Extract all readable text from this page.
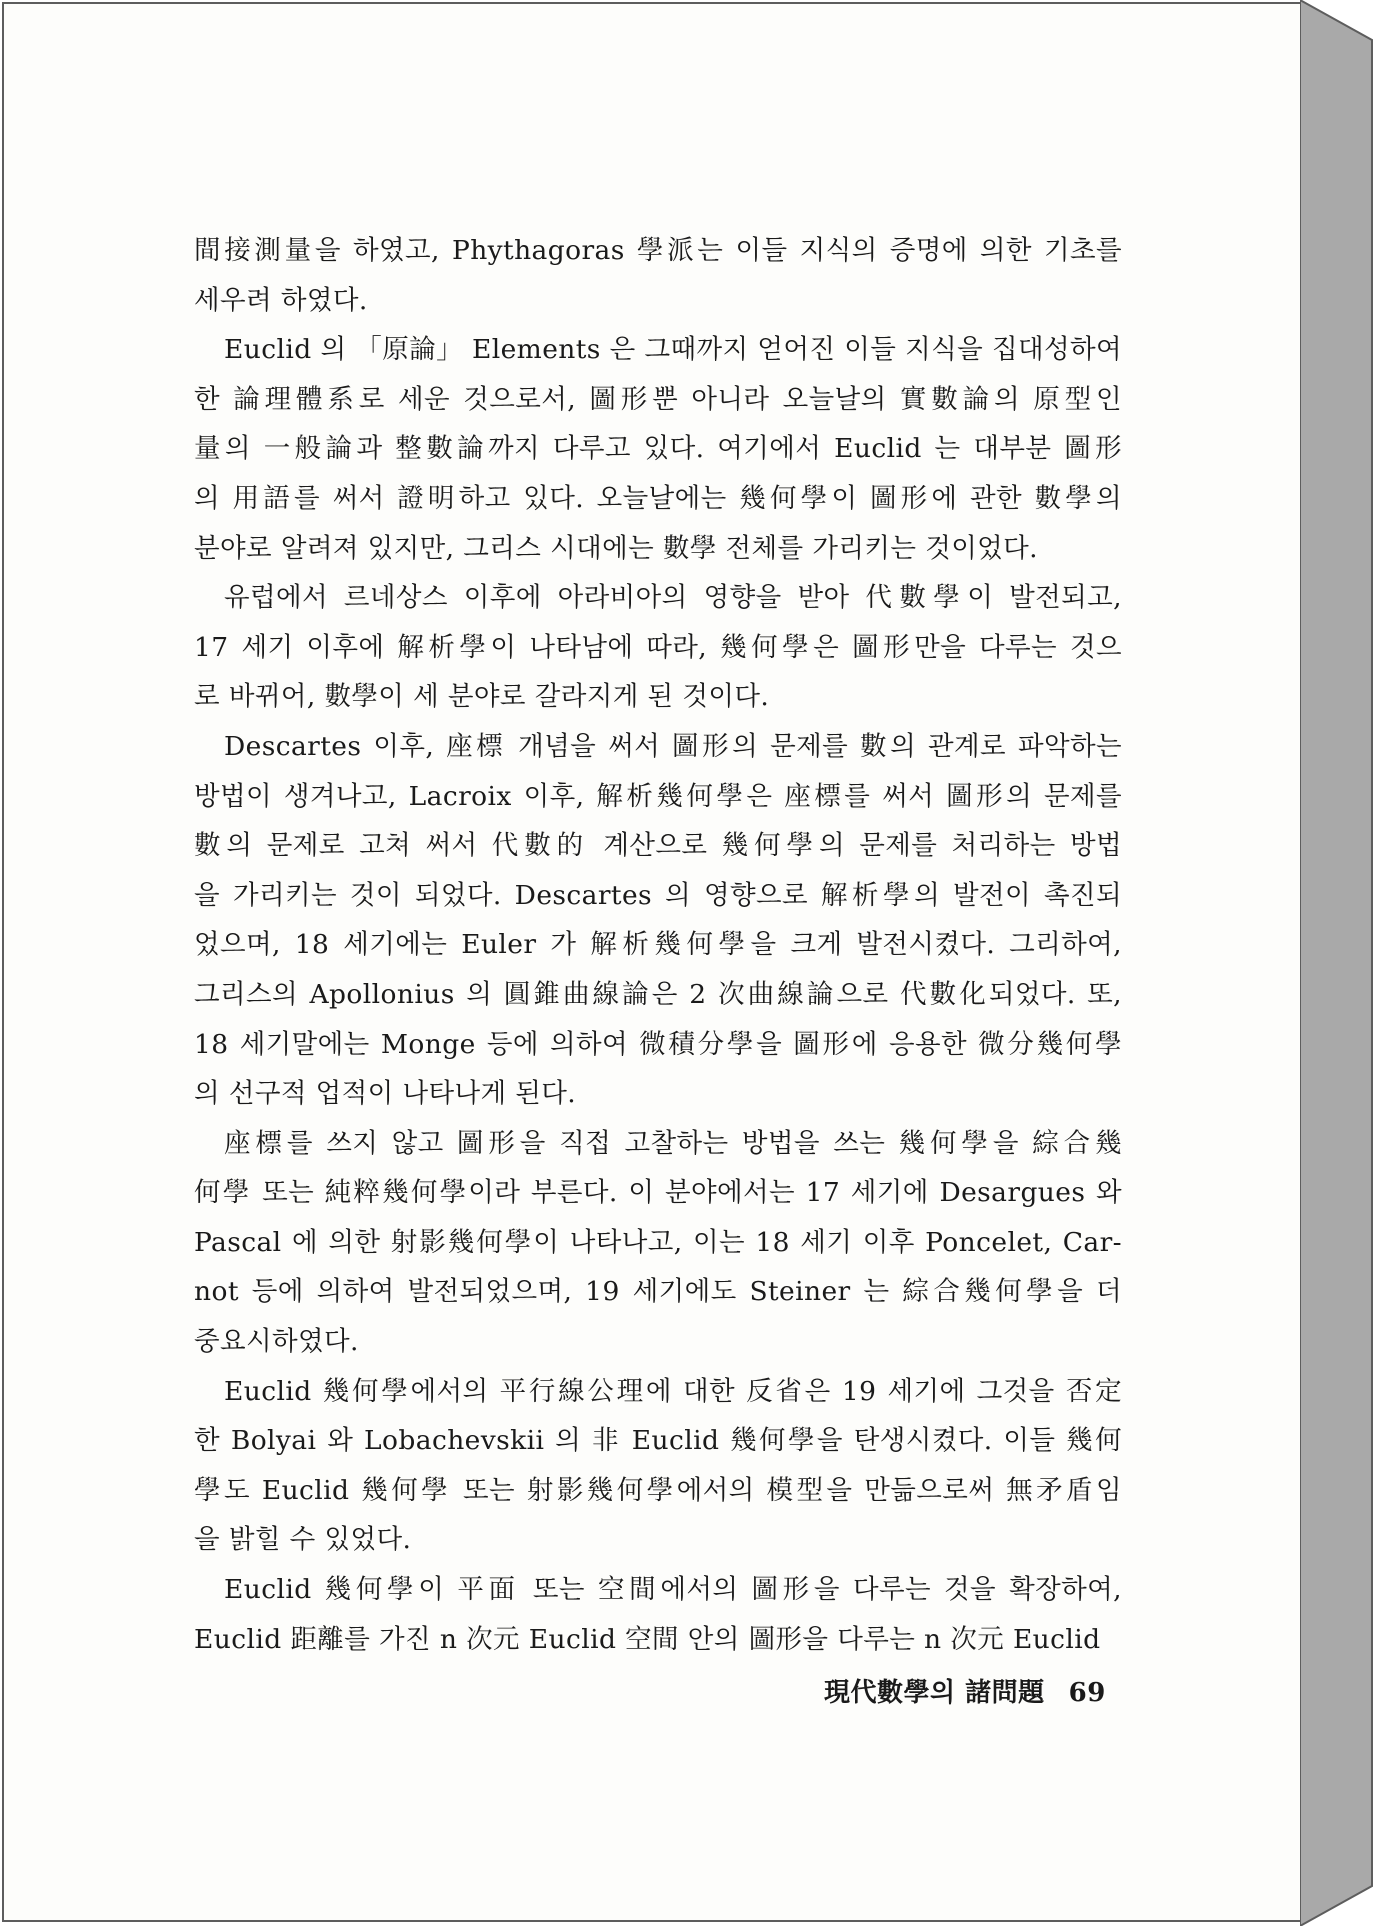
間接測量을 하였고, Phythagoras 學派는 이들 지식의 증명에 의한 기초를
세우려 하였다.

Euclid 의 「原論」 Elements 은 그때까지 얻어진 이들 지식을 집대성하여
한 論理體系로 세운 것으로서, 圖形뿐 아니라 오늘날의 實數論의 原型인
量의 一般論과 整數論까지 다루고 있다. 여기에서 Euclid 는 대부분 圖形
의 用語를 써서 證明하고 있다. 오늘날에는 幾何學이 圖形에 관한 數學의
분야로 알려져 있지만, 그리스 시대에는 數學 전체를 가리키는 것이었다.

유럽에서 르네상스 이후에 아라비아의 영향을 받아 代數學이 발전되고,
17 세기 이후에 解析學이 나타남에 따라, 幾何學은 圖形만을 다루는 것으
로 바뀌어, 數學이 세 분야로 갈라지게 된 것이다.

Descartes 이후, 座標 개념을 써서 圖形의 문제를 數의 관계로 파악하는
방법이 생겨나고, Lacroix 이후, 解析幾何學은 座標를 써서 圖形의 문제를
數의 문제로 고쳐 써서 代數的 계산으로 幾何學의 문제를 처리하는 방법
을 가리키는 것이 되었다. Descartes 의 영향으로 解析學의 발전이 촉진되
었으며, 18 세기에는 Euler 가 解析幾何學을 크게 발전시켰다. 그리하여,
그리스의 Apollonius 의 圓錐曲線論은 2 次曲線論으로 代數化되었다. 또,
18 세기말에는 Monge 등에 의하여 微積分學을 圖形에 응용한 微分幾何學
의 선구적 업적이 나타나게 된다.

座標를 쓰지 않고 圖形을 직접 고찰하는 방법을 쓰는 幾何學을 綜合幾
何學 또는 純粹幾何學이라 부른다. 이 분야에서는 17 세기에 Desargues 와
Pascal 에 의한 射影幾何學이 나타나고, 이는 18 세기 이후 Poncelet, Car-
not 등에 의하여 발전되었으며, 19 세기에도 Steiner 는 綜合幾何學을 더
중요시하였다.

Euclid 幾何學에서의 平行線公理에 대한 反省은 19 세기에 그것을 否定
한 Bolyai 와 Lobachevskii 의 非 Euclid 幾何學을 탄생시켰다. 이들 幾何
學도 Euclid 幾何學 또는 射影幾何學에서의 模型을 만듦으로써 無矛盾임
을 밝힐 수 있었다.

Euclid 幾何學이 平面 또는 空間에서의 圖形을 다루는 것을 확장하여,
Euclid 距離를 가진 n 次元 Euclid 空間 안의 圖形을 다루는 n 次元 Euclid

現代數學의 諸問題 69
